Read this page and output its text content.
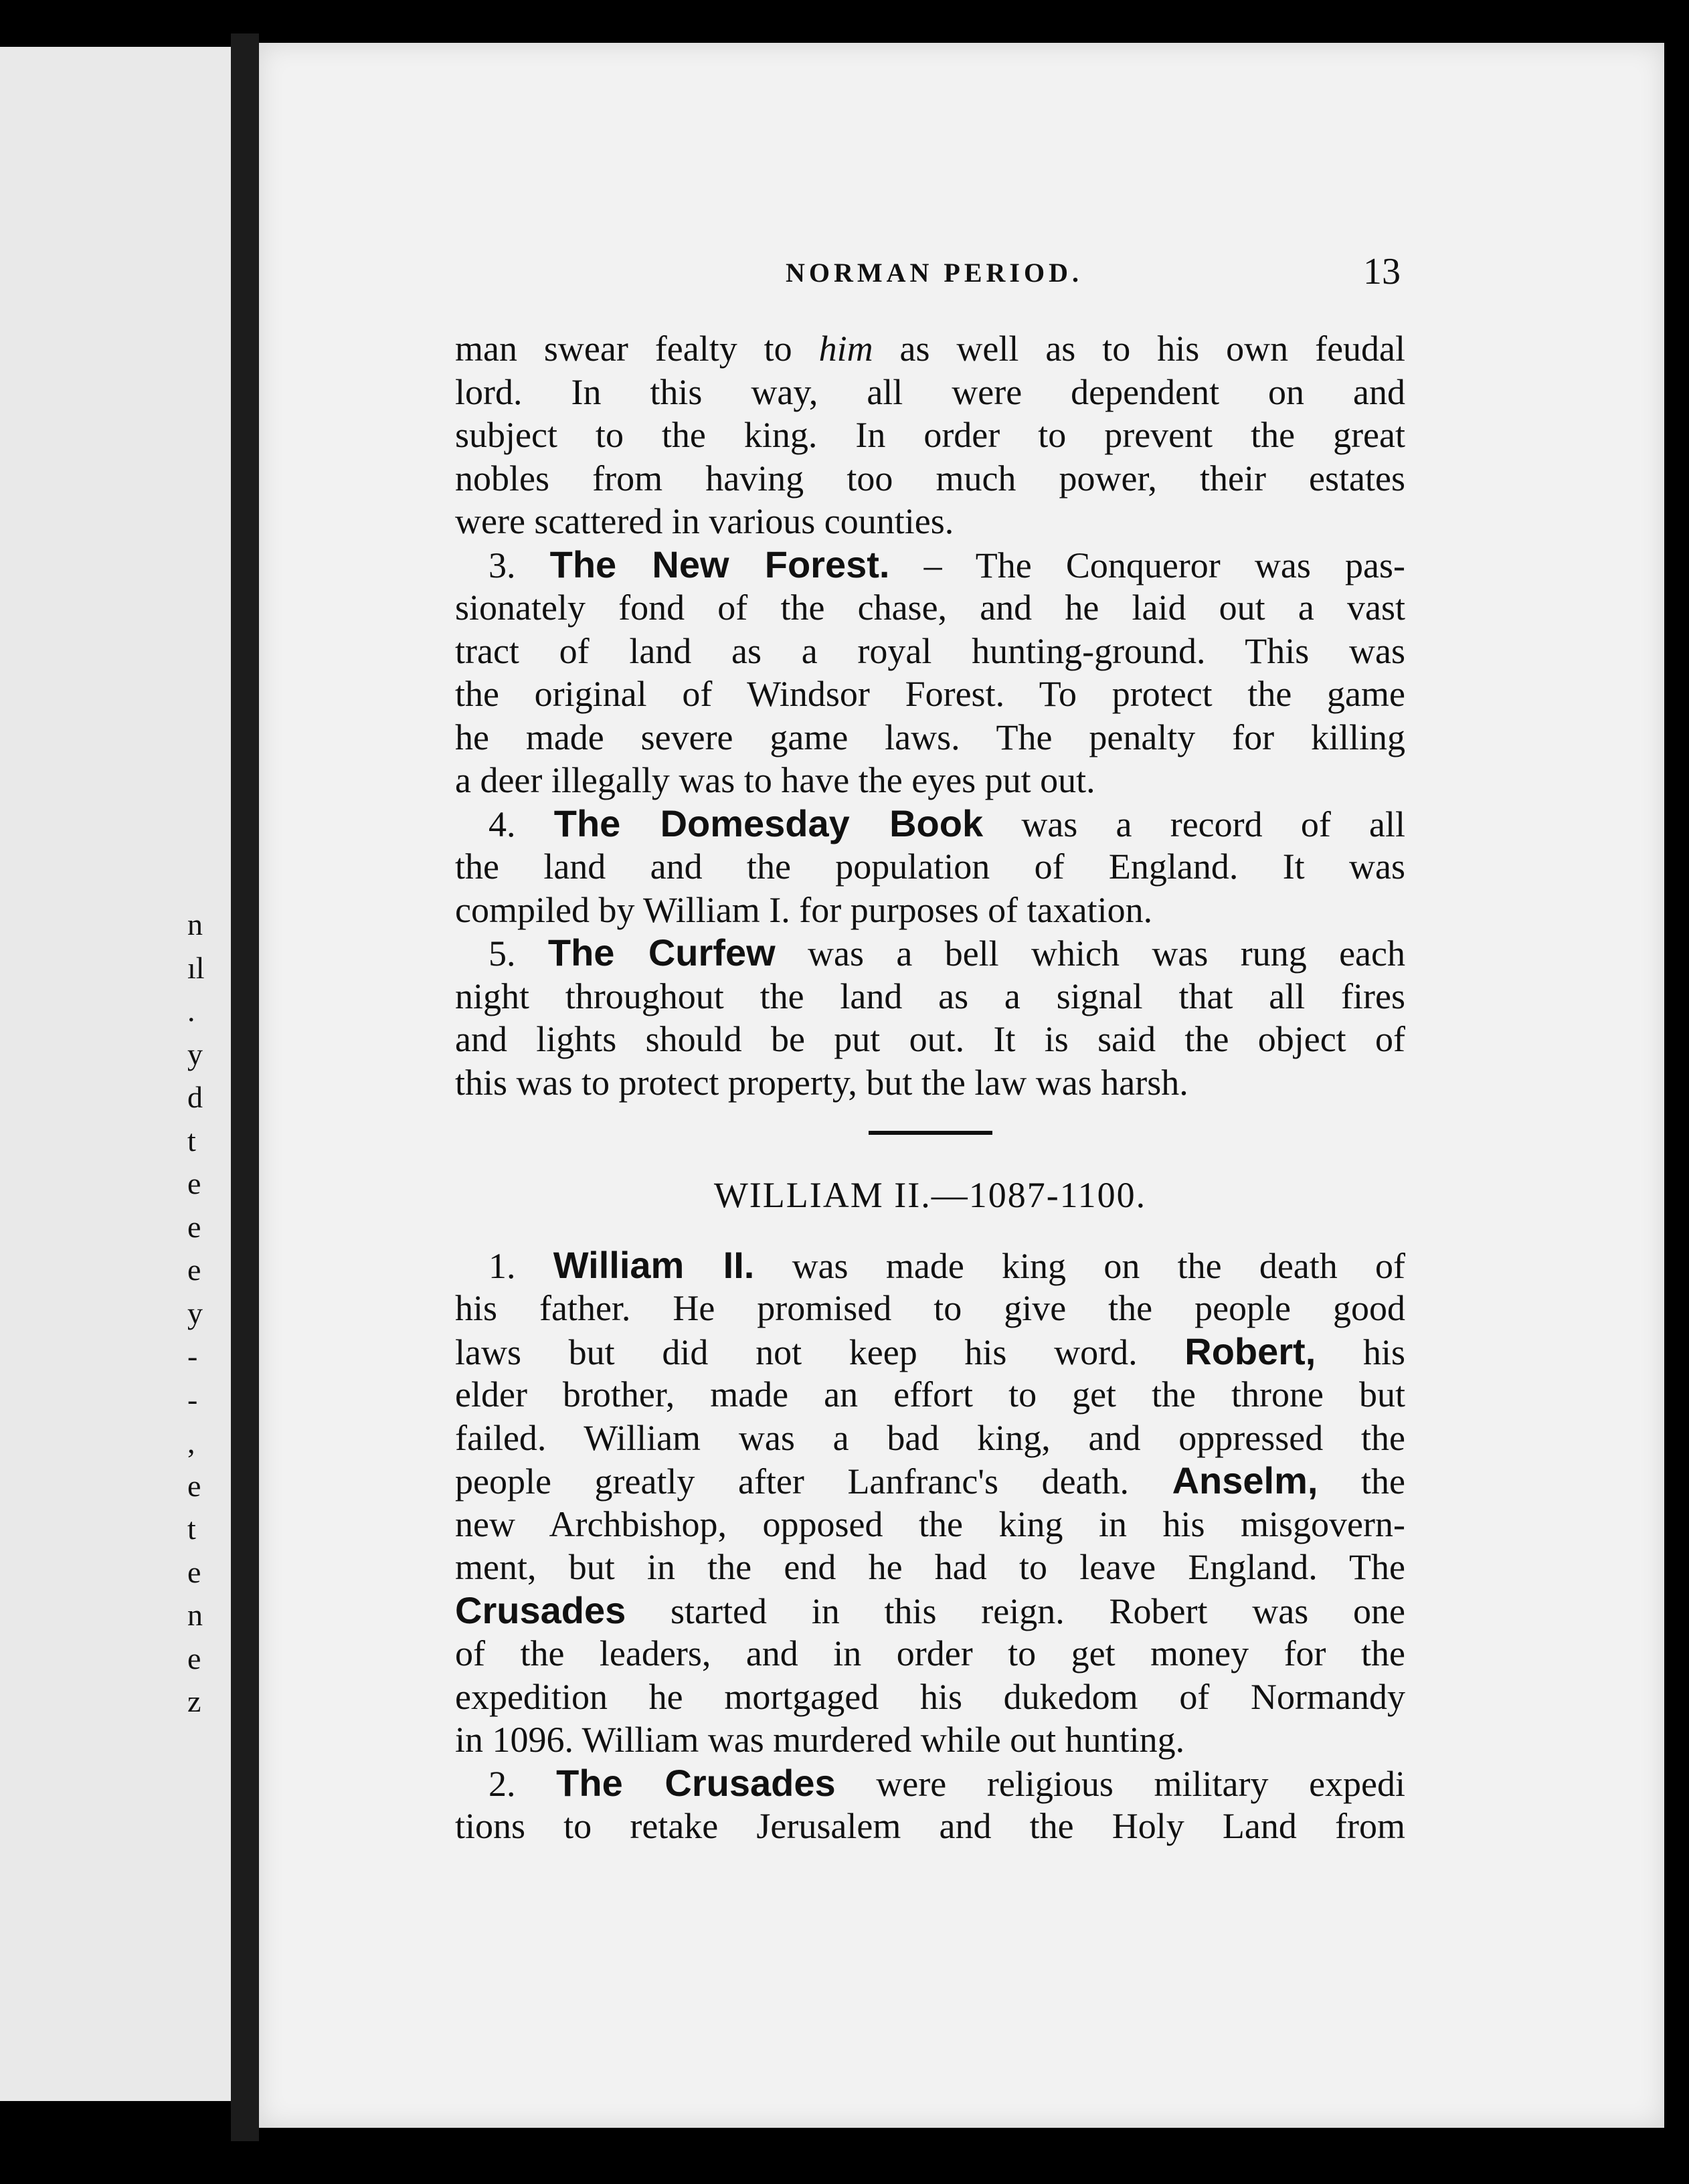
n
ıl
.
y
d
t
e
e
e
y
-
-
,
e
t
e
n
e
z
NORMAN PERIOD.	13
man swear fealty to him as well as to his own feudal
lord. In this way, all were dependent on and
subject to the king. In order to prevent the great
nobles from having too much power, their estates
were scattered in various counties.
3. The New Forest. – The Conqueror was pas-
sionately fond of the chase, and he laid out a vast
tract of land as a royal hunting-ground. This was
the original of Windsor Forest. To protect the game
he made severe game laws. The penalty for killing
a deer illegally was to have the eyes put out.
4. The Domesday Book was a record of all
the land and the population of England. It was
compiled by William I. for purposes of taxation.
5. The Curfew was a bell which was rung each
night throughout the land as a signal that all fires
and lights should be put out. It is said the object of
this was to protect property, but the law was harsh.
WILLIAM II.—1087-1100.
1. William II. was made king on the death of
his father. He promised to give the people good
laws but did not keep his word. Robert, his
elder brother, made an effort to get the throne but
failed. William was a bad king, and oppressed the
people greatly after Lanfranc's death. Anselm, the
new Archbishop, opposed the king in his misgovern-
ment, but in the end he had to leave England. The
Crusades started in this reign. Robert was one
of the leaders, and in order to get money for the
expedition he mortgaged his dukedom of Normandy
in 1096. William was murdered while out hunting.
2. The Crusades were religious military expedi
tions to retake Jerusalem and the Holy Land from
